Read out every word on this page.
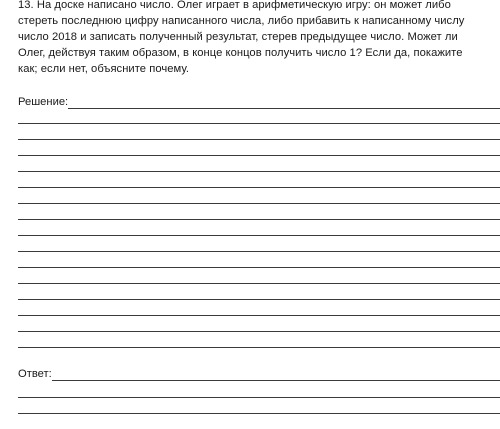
13. На доске написано число. Олег играет в арифметическую игру: он может либо
стереть последнюю цифру написанного числа, либо прибавить к написанному числу
число 2018 и записать полученный результат, стерев предыдущее число. Может ли
Олег, действуя таким образом, в конце концов получить число 1? Если да, покажите
как; если нет, объясните почему.
Решение:
Ответ:
